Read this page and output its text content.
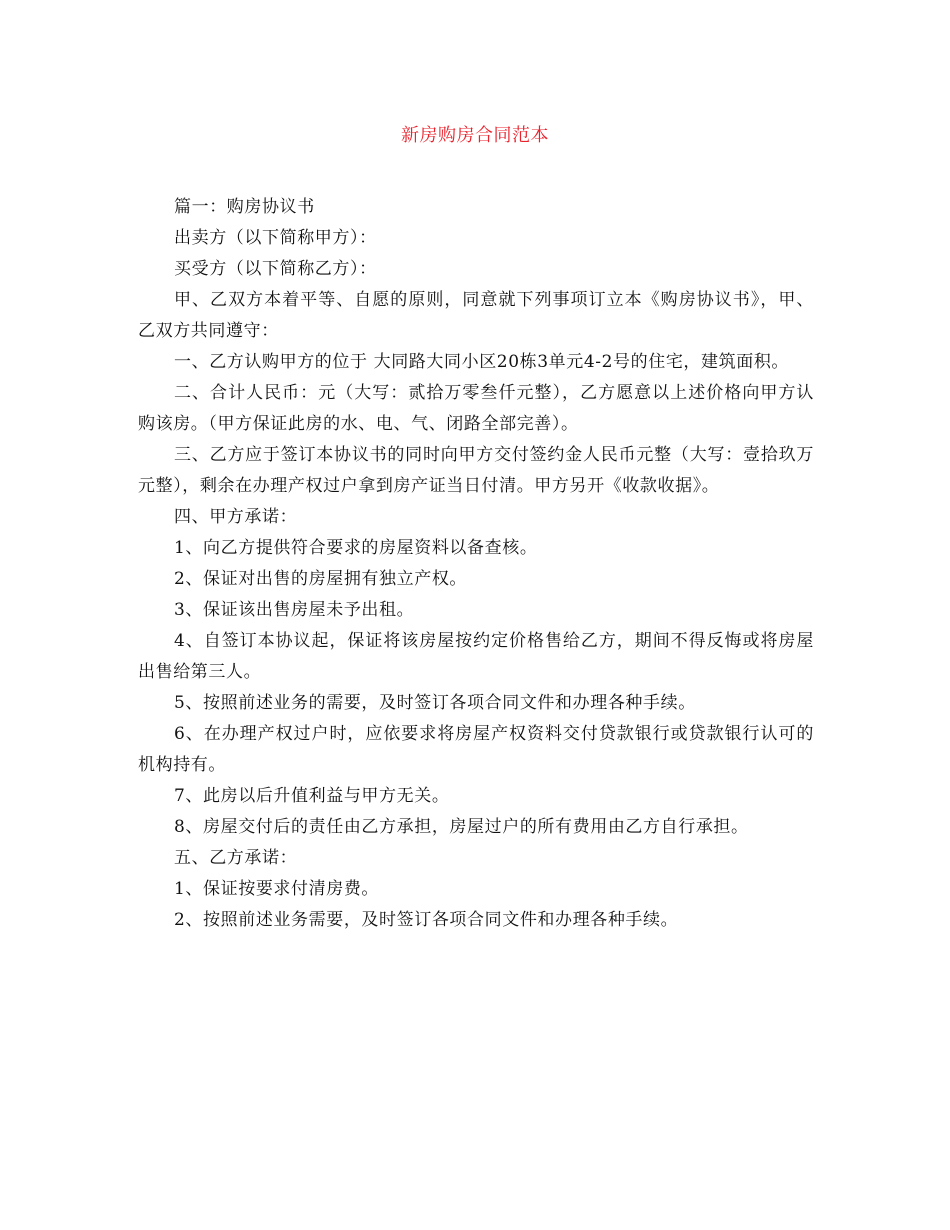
新房购房合同范本

篇一：购房协议书

出卖方（以下简称甲方）：

买受方（以下简称乙方）：

甲、乙双方本着平等、自愿的原则，同意就下列事项订立本《购房协议书》，甲、乙双方共同遵守：

一、乙方认购甲方的位于 大同路大同小区20栋3单元4-2号的住宅，建筑面积。

二、合计人民币：元（大写：贰拾万零叁仟元整），乙方愿意以上述价格向甲方认购该房。（甲方保证此房的水、电、气、闭路全部完善）。

三、乙方应于签订本协议书的同时向甲方交付签约金人民币元整（大写：壹拾玖万元整），剩余在办理产权过户拿到房产证当日付清。甲方另开《收款收据》。

四、甲方承诺：

1、向乙方提供符合要求的房屋资料以备查核。

2、保证对出售的房屋拥有独立产权。

3、保证该出售房屋未予出租。

4、自签订本协议起，保证将该房屋按约定价格售给乙方，期间不得反悔或将房屋出售给第三人。

5、按照前述业务的需要，及时签订各项合同文件和办理各种手续。

6、在办理产权过户时，应依要求将房屋产权资料交付贷款银行或贷款银行认可的机构持有。

7、此房以后升值利益与甲方无关。

8、房屋交付后的责任由乙方承担，房屋过户的所有费用由乙方自行承担。

五、乙方承诺：

1、保证按要求付清房费。

2、按照前述业务需要，及时签订各项合同文件和办理各种手续。
